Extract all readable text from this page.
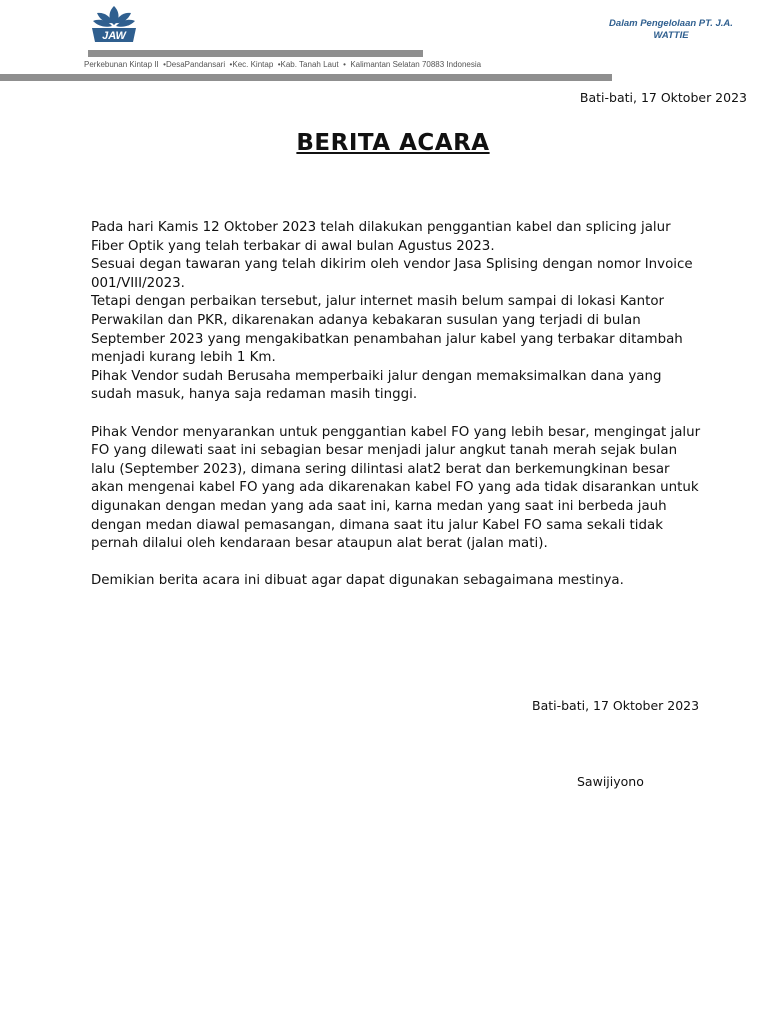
JAW
Dalam Pengelolaan PT. J.A. WATTIE
Perkebunan Kintap II  •DesaPandansari  •Kec. Kintap  •Kab. Tanah Laut  •  Kalimantan Selatan 70883 Indonesia
Bati-bati, 17 Oktober 2023
BERITA ACARA

Pada hari Kamis 12 Oktober 2023 telah dilakukan penggantian kabel dan splicing jalur Fiber Optik yang telah terbakar di awal bulan Agustus 2023.

Sesuai degan tawaran yang telah dikirim oleh vendor Jasa Splising dengan nomor Invoice 001/VIII/2023.

Tetapi dengan perbaikan tersebut, jalur internet masih belum sampai di lokasi Kantor Perwakilan dan PKR, dikarenakan adanya kebakaran susulan yang terjadi di bulan September 2023 yang mengakibatkan penambahan jalur kabel yang terbakar ditambah menjadi kurang lebih 1 Km.

Pihak Vendor sudah Berusaha memperbaiki jalur dengan memaksimalkan dana yang sudah masuk, hanya saja redaman masih tinggi.

Pihak Vendor menyarankan untuk penggantian kabel FO yang lebih besar, mengingat jalur FO yang dilewati saat ini sebagian besar menjadi jalur angkut tanah merah sejak bulan lalu (September 2023), dimana sering dilintasi alat2 berat dan berkemungkinan besar akan mengenai kabel FO yang ada dikarenakan kabel FO yang ada tidak disarankan untuk digunakan dengan medan yang ada saat ini, karna medan yang saat ini berbeda jauh dengan medan diawal pemasangan, dimana saat itu jalur Kabel FO sama sekali tidak pernah dilalui oleh kendaraan besar ataupun alat berat (jalan mati).

Demikian berita acara ini dibuat agar dapat digunakan sebagaimana mestinya.

Bati-bati, 17 Oktober 2023
Sawijiyono
